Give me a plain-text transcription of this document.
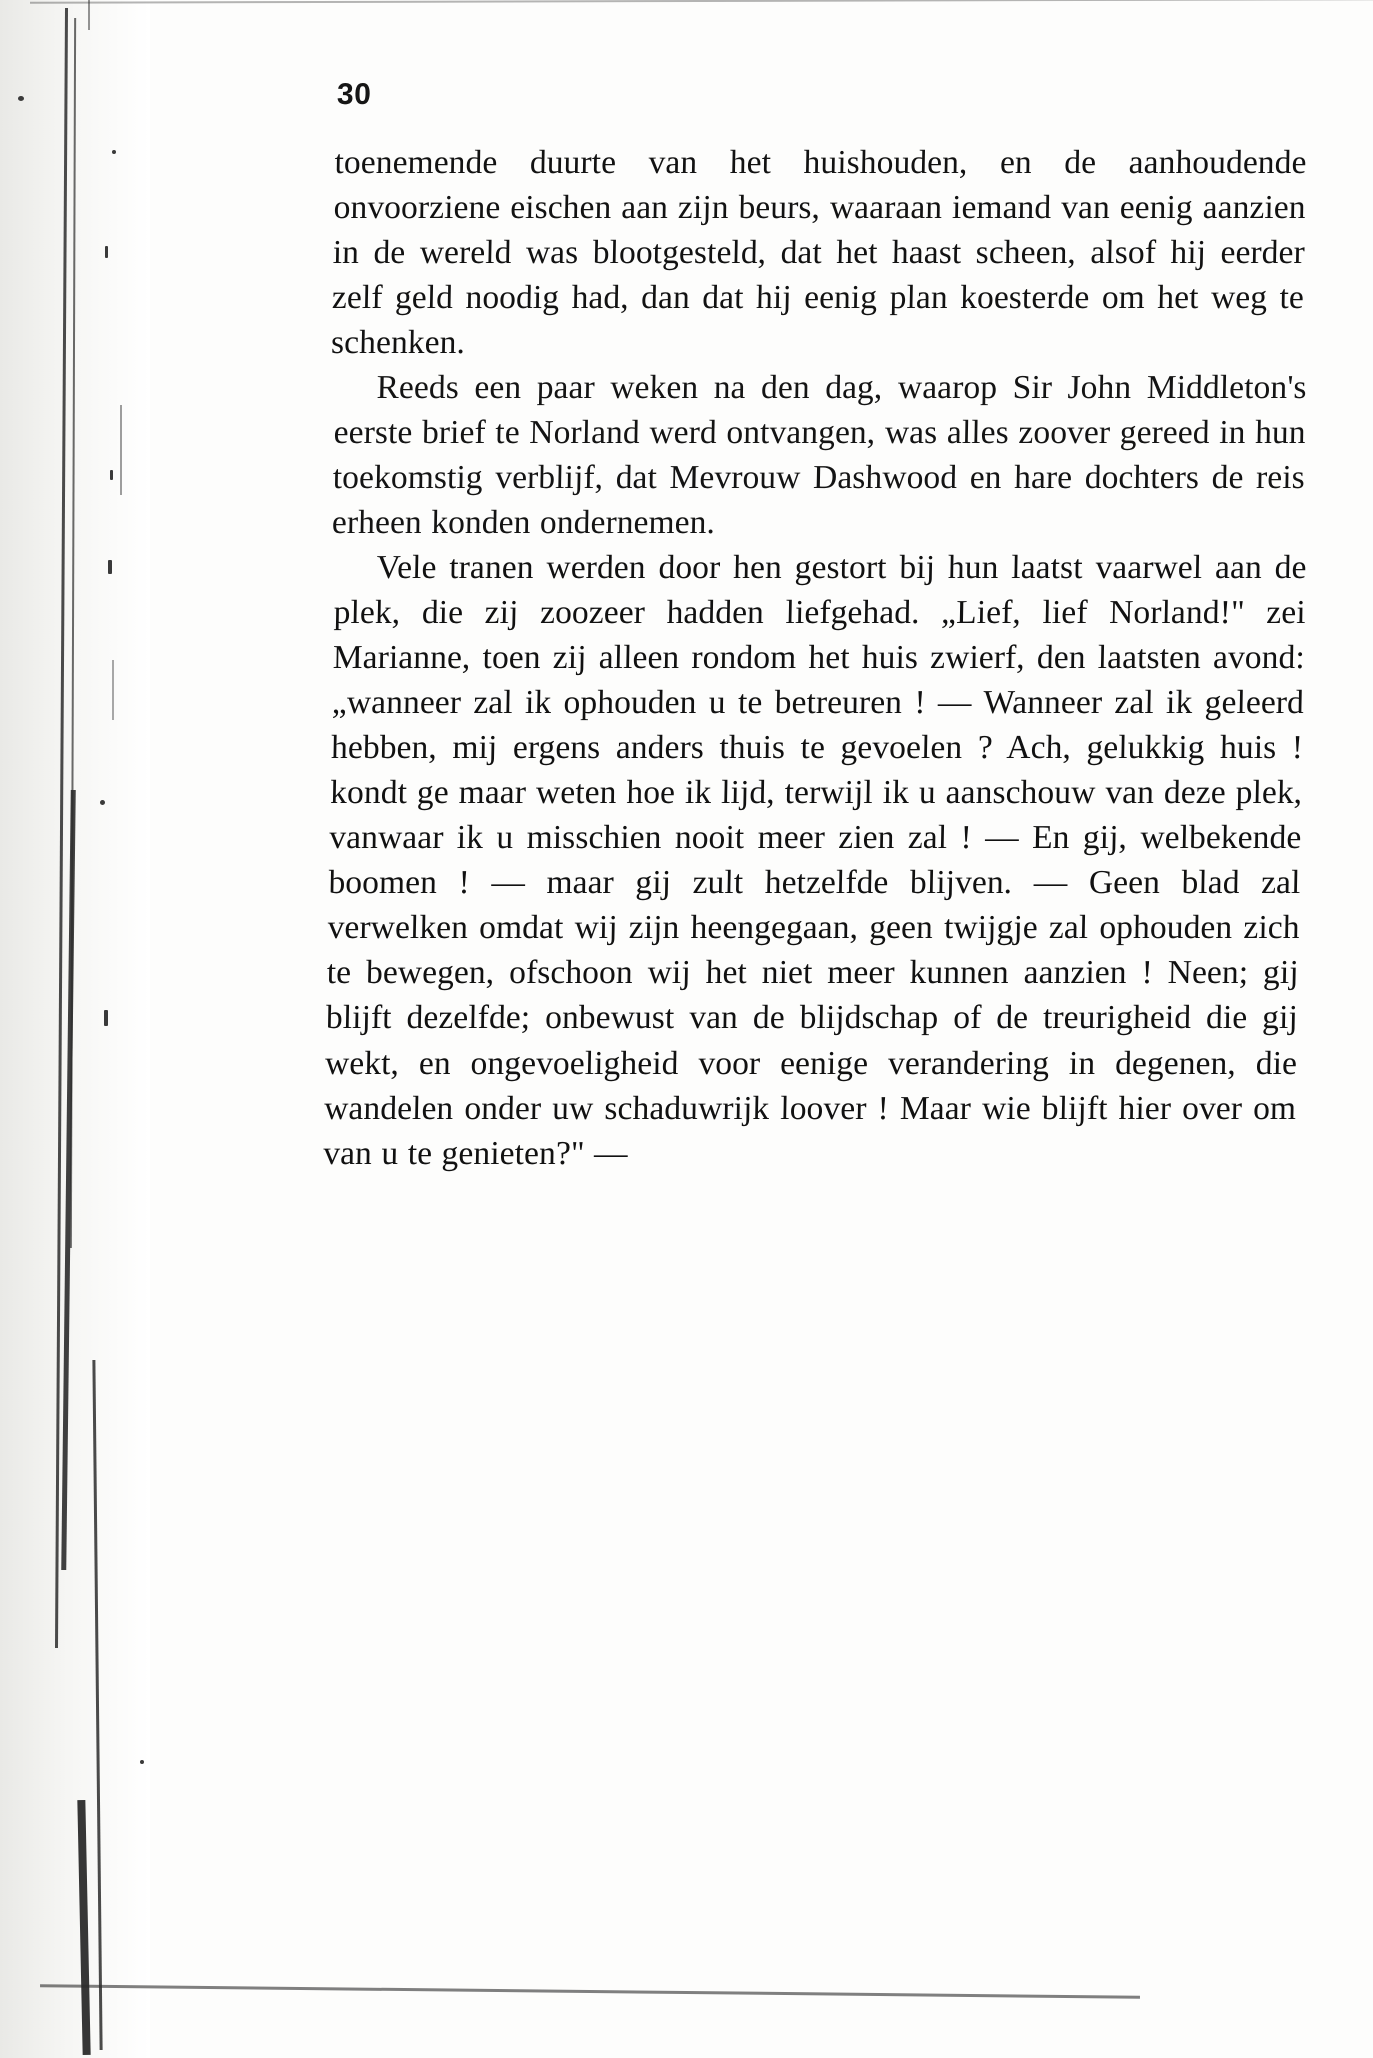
30

toenemende duurte van het huishouden, en de aanhoudende onvoorziene eischen aan zijn beurs, waaraan iemand van eenig aanzien in de wereld was blootgesteld, dat het haast scheen, alsof hij eerder zelf geld noodig had, dan dat hij eenig plan koesterde om het weg te schenken.

Reeds een paar weken na den dag, waarop Sir John Middleton's eerste brief te Norland werd ontvangen, was alles zoover gereed in hun toekomstig verblijf, dat Mevrouw Dashwood en hare dochters de reis erheen konden ondernemen.

Vele tranen werden door hen gestort bij hun laatst vaarwel aan de plek, die zij zoozeer hadden liefgehad. „Lief, lief Norland!" zei Marianne, toen zij alleen rondom het huis zwierf, den laatsten avond: „wanneer zal ik ophouden u te betreuren ! — Wanneer zal ik geleerd hebben, mij ergens anders thuis te gevoelen ? Ach, gelukkig huis ! kondt ge maar weten hoe ik lijd, terwijl ik u aanschouw van deze plek, vanwaar ik u misschien nooit meer zien zal ! — En gij, welbekende boomen ! — maar gij zult hetzelfde blijven. — Geen blad zal verwelken omdat wij zijn heengegaan, geen twijgje zal ophouden zich te bewegen, ofschoon wij het niet meer kunnen aanzien ! Neen; gij blijft dezelfde; onbewust van de blijdschap of de treurigheid die gij wekt, en ongevoeligheid voor eenige verandering in degenen, die wandelen onder uw schaduwrijk loover ! Maar wie blijft hier over om van u te genieten?" —
